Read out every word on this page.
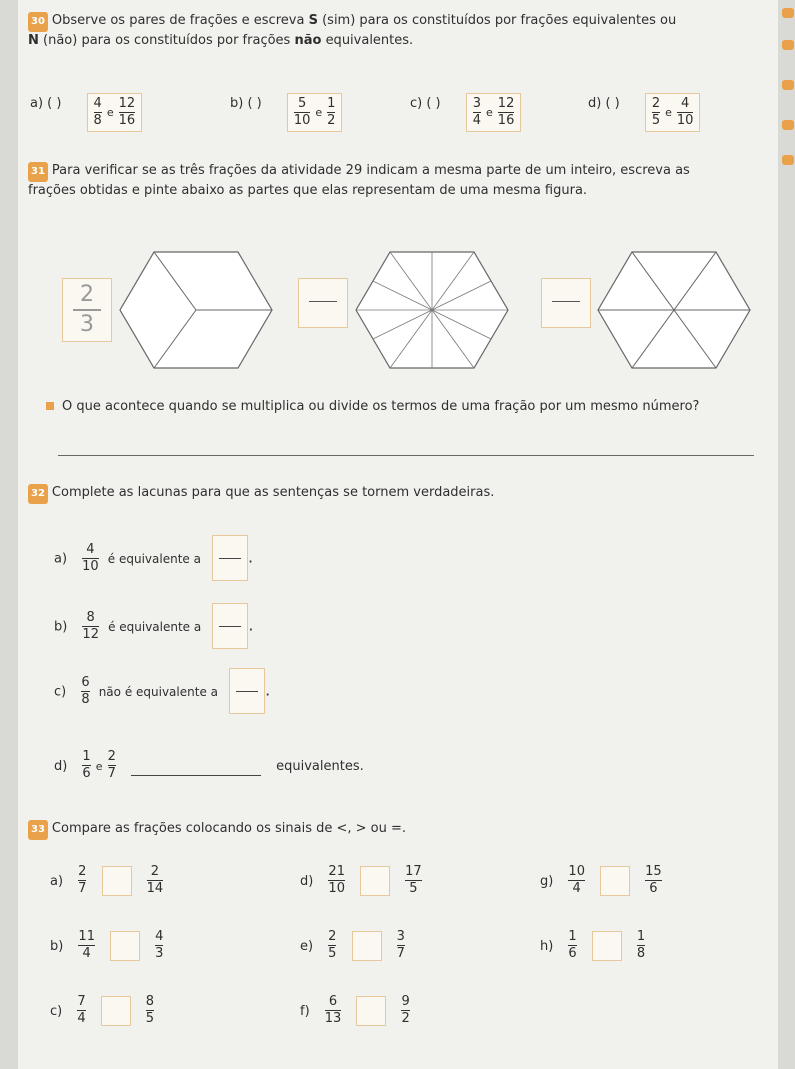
30 Observe os pares de frações e escreva S (sim) para os constituídos por frações equivalentes ou
N (não) para os constituídos por frações não equivalentes.
a) ( ) $\frac{4}{8}$ e $\frac{12}{16}$	b) ( ) $\frac{5}{10}$ e $\frac{1}{2}$	c) ( ) $\frac{3}{4}$ e $\frac{12}{16}$	d) ( ) $\frac{2}{5}$ e $\frac{4}{10}$
31 Para verificar se as três frações da atividade 29 indicam a mesma parte de um inteiro, escreva as
frações obtidas e pinte abaixo as partes que elas representam de uma mesma figura.
2
3
O que acontece quando se multiplica ou divide os termos de uma fração por um mesmo número?
32 Complete as lacunas para que as sentenças se tornem verdadeiras.
$a) \frac{4}{10}$ é equivalente a	.
$b) \frac{8}{12}$ é equivalente a	.
$c) \frac{6}{8}$ não é equivalente a	.
$d) \frac{1}{6}$ e $\frac{2}{7}$	equivalentes.
33 Compare as frações colocando os sinais de <, > ou =.
$a) \frac{2}{7}$
	$\frac{2}{14}$
$b) \frac{11}{4}$
	$\frac{4}{3}$
$c) \frac{7}{4}$
	$\frac{8}{5}$
$d) \frac{21}{10}$
	$\frac{17}{5}$
$e) \frac{2}{5}$
	$\frac{3}{7}$
$f) \frac{6}{13}$
	$\frac{9}{2}$
$g) \frac{10}{4}$
	$\frac{15}{6}$
$h) \frac{1}{6}$
	$\frac{1}{8}$
